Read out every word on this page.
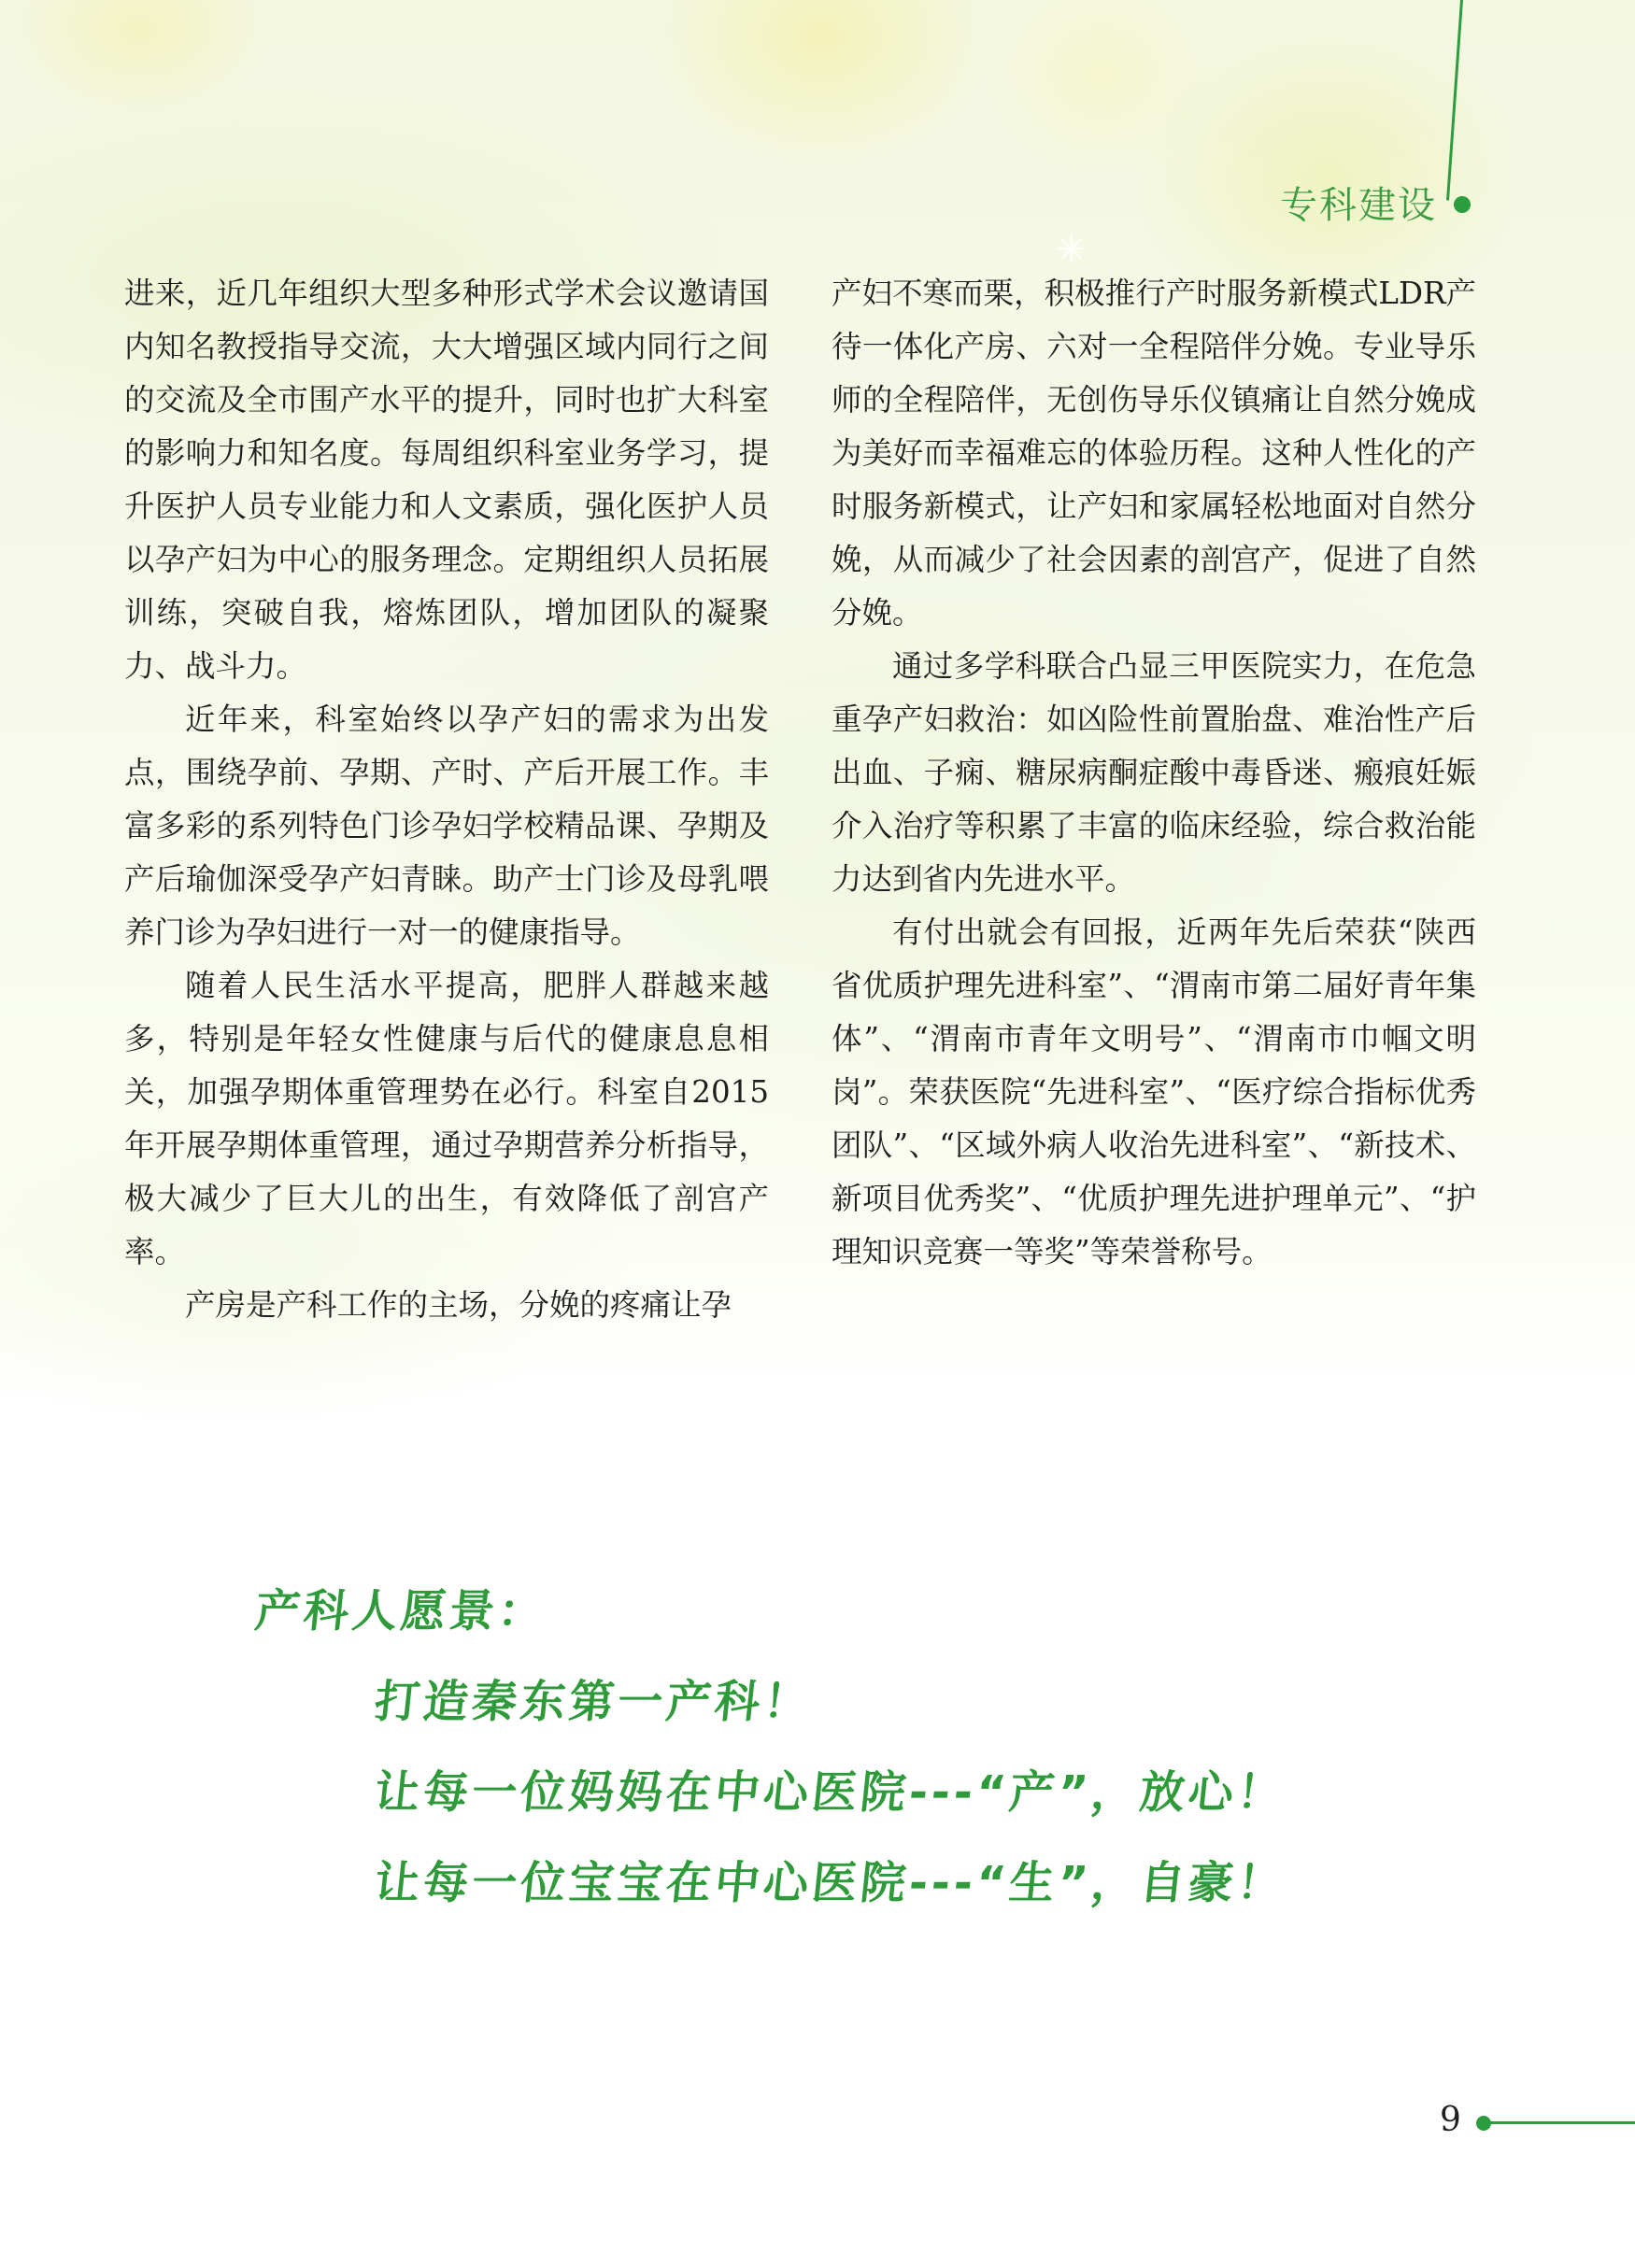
专科建设
✳

进来，近几年组织大型多种形式学术会议邀请国内知名教授指导交流，大大增强区域内同行之间的交流及全市围产水平的提升，同时也扩大科室的影响力和知名度。每周组织科室业务学习，提升医护人员专业能力和人文素质，强化医护人员以孕产妇为中心的服务理念。定期组织人员拓展训练，突破自我，熔炼团队，增加团队的凝聚力、战斗力。

近年来，科室始终以孕产妇的需求为出发点，围绕孕前、孕期、产时、产后开展工作。丰富多彩的系列特色门诊孕妇学校精品课、孕期及产后瑜伽深受孕产妇青睐。助产士门诊及母乳喂养门诊为孕妇进行一对一的健康指导。

随着人民生活水平提高，肥胖人群越来越多，特别是年轻女性健康与后代的健康息息相关，加强孕期体重管理势在必行。科室自2015年开展孕期体重管理，通过孕期营养分析指导，极大减少了巨大儿的出生，有效降低了剖宫产率。

产房是产科工作的主场，分娩的疼痛让孕

产妇不寒而栗，积极推行产时服务新模式LDR产待一体化产房、六对一全程陪伴分娩。专业导乐师的全程陪伴，无创伤导乐仪镇痛让自然分娩成为美好而幸福难忘的体验历程。这种人性化的产时服务新模式，让产妇和家属轻松地面对自然分娩，从而减少了社会因素的剖宫产，促进了自然分娩。

通过多学科联合凸显三甲医院实力，在危急重孕产妇救治：如凶险性前置胎盘、难治性产后出血、子痫、糖尿病酮症酸中毒昏迷、瘢痕妊娠介入治疗等积累了丰富的临床经验，综合救治能力达到省内先进水平。

有付出就会有回报，近两年先后荣获“陕西省优质护理先进科室”、“渭南市第二届好青年集体”、“渭南市青年文明号”、“渭南市巾帼文明岗”。荣获医院“先进科室”、“医疗综合指标优秀团队”、“区域外病人收治先进科室”、“新技术、新项目优秀奖”、“优质护理先进护理单元”、“护理知识竞赛一等奖”等荣誉称号。

产科人愿景：
打造秦东第一产科！
让每一位妈妈在中心医院---“产”，放心！
让每一位宝宝在中心医院---“生”，自豪！
9
